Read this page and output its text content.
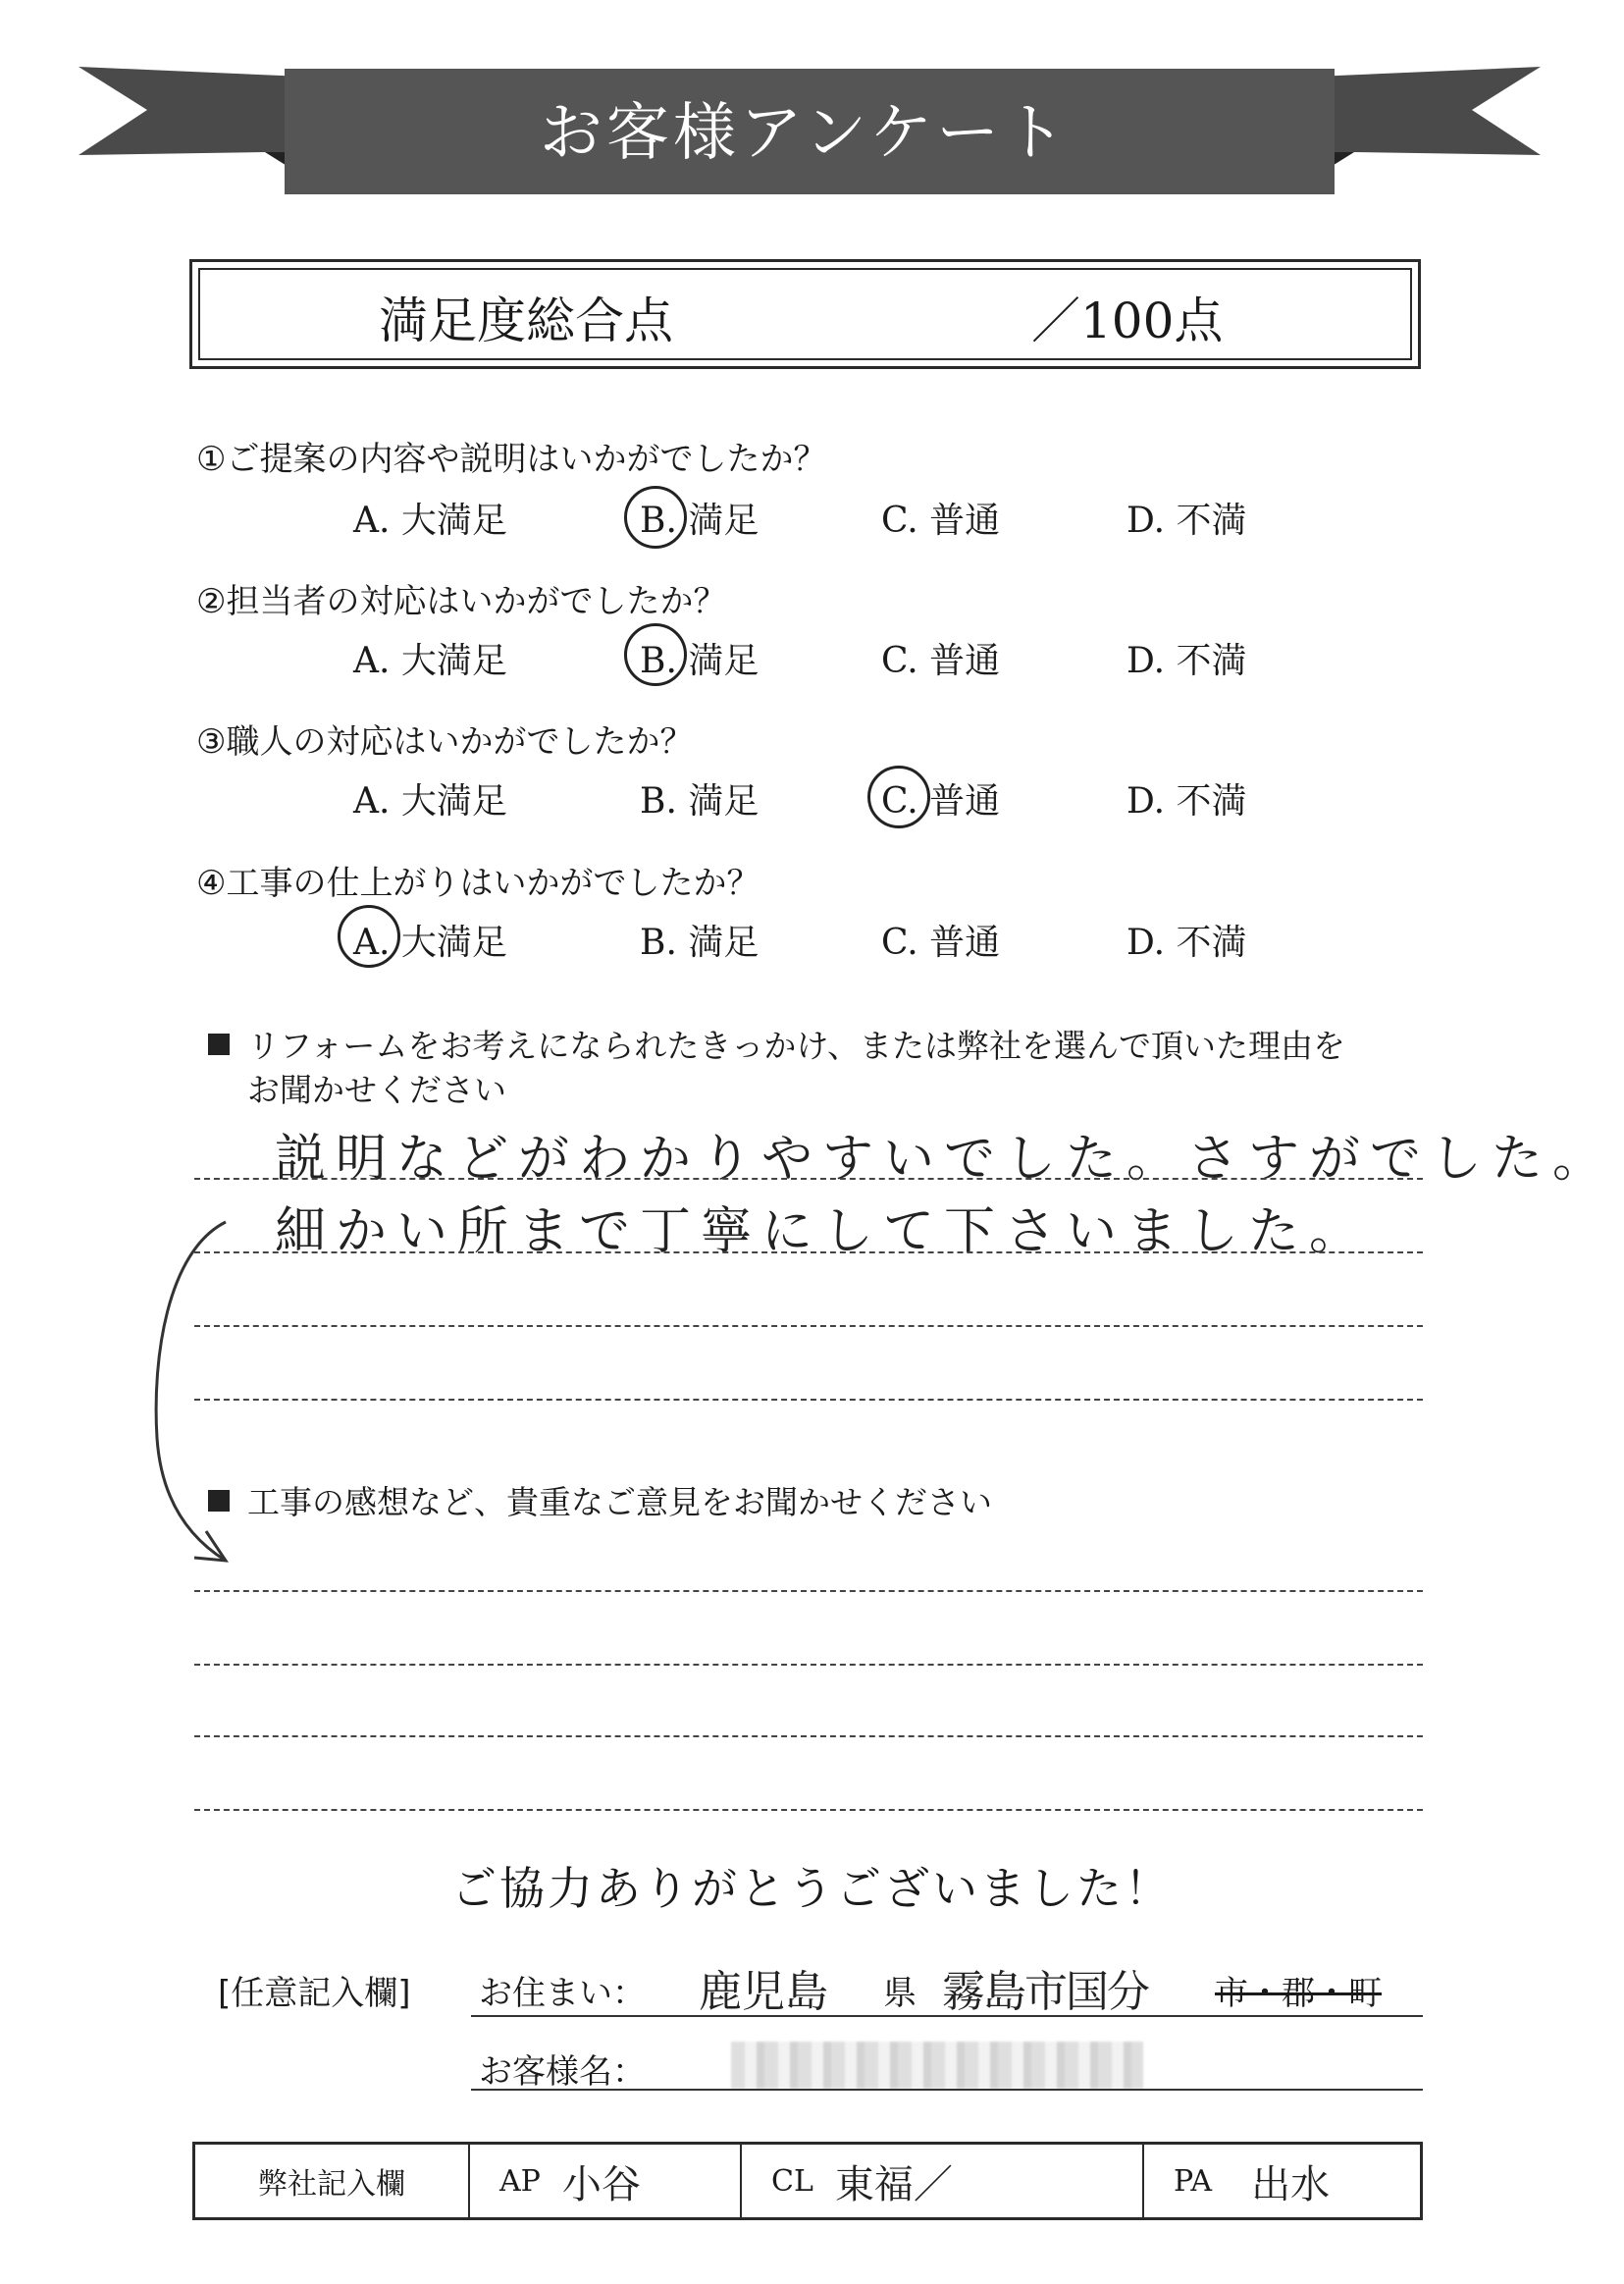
お客様アンケート
満足度総合点	／100点
①ご提案の内容や説明はいかがでしたか？
A. 大満足	B. 満足	C. 普通	D. 不満
②担当者の対応はいかがでしたか？
A. 大満足	B. 満足	C. 普通	D. 不満
③職人の対応はいかがでしたか？
A. 大満足	B. 満足	C. 普通	D. 不満
④工事の仕上がりはいかがでしたか？
A. 大満足	B. 満足	C. 普通	D. 不満
リフォームをお考えになられたきっかけ、または弊社を選んで頂いた理由を
お聞かせください
説明などがわかりやすいでした。さすがでした。
細かい所まで丁寧にして下さいました。
工事の感想など、貴重なご意見をお聞かせください
ご協力ありがとうございました！
[任意記入欄] お住まい： 鹿児島 県 霧島市国分 市・郡・町
お客様名：
弊社記入欄	AP 小谷	CL 東福／	PA 出水
